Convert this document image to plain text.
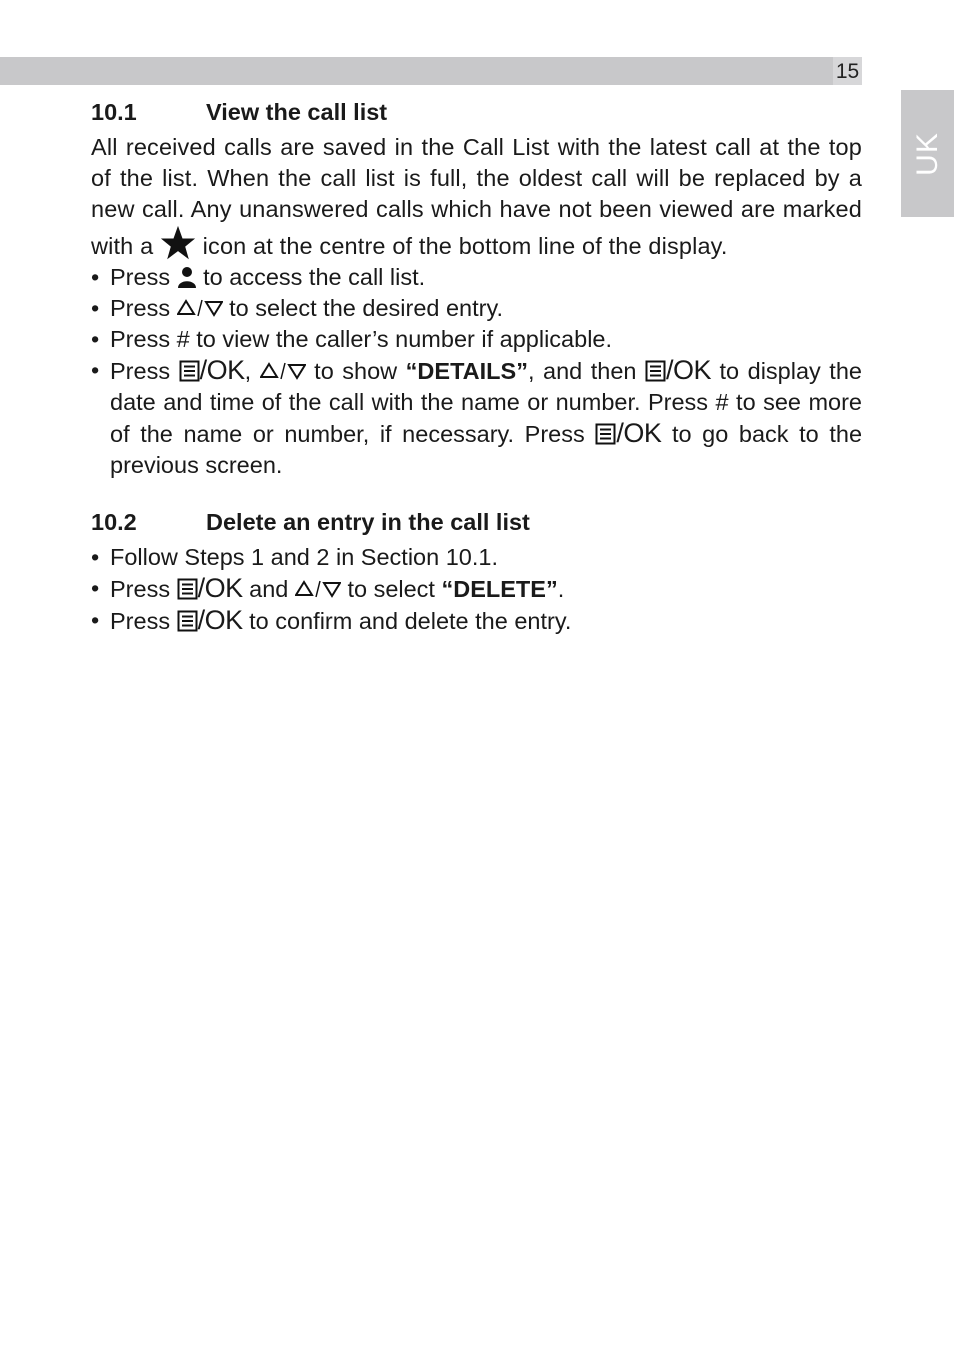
15
UK
10.1	View the call list

All received calls are saved in the Call List with the latest call at the top of the list. When the call list is full, the oldest call will be replaced by a new call. Any unanswered calls which have not been viewed are marked with a icon at the centre of the bottom line of the display.

• Press to access the call list.
• Press	to select the desired entry.
• Press # to view the caller’s number if applicable.
• Press /OK,	to show “DETAILS”, and then /OK to display the date and time of the call with the name or number. Press # to see more of the name or number, if necessary. Press /OK to go back to the previous screen.
10.2	Delete an entry in the call list
• Follow Steps 1 and 2 in Section 10.1.
• Press /OK and	to select “DELETE”.
• Press /OK to confirm and delete the entry.
